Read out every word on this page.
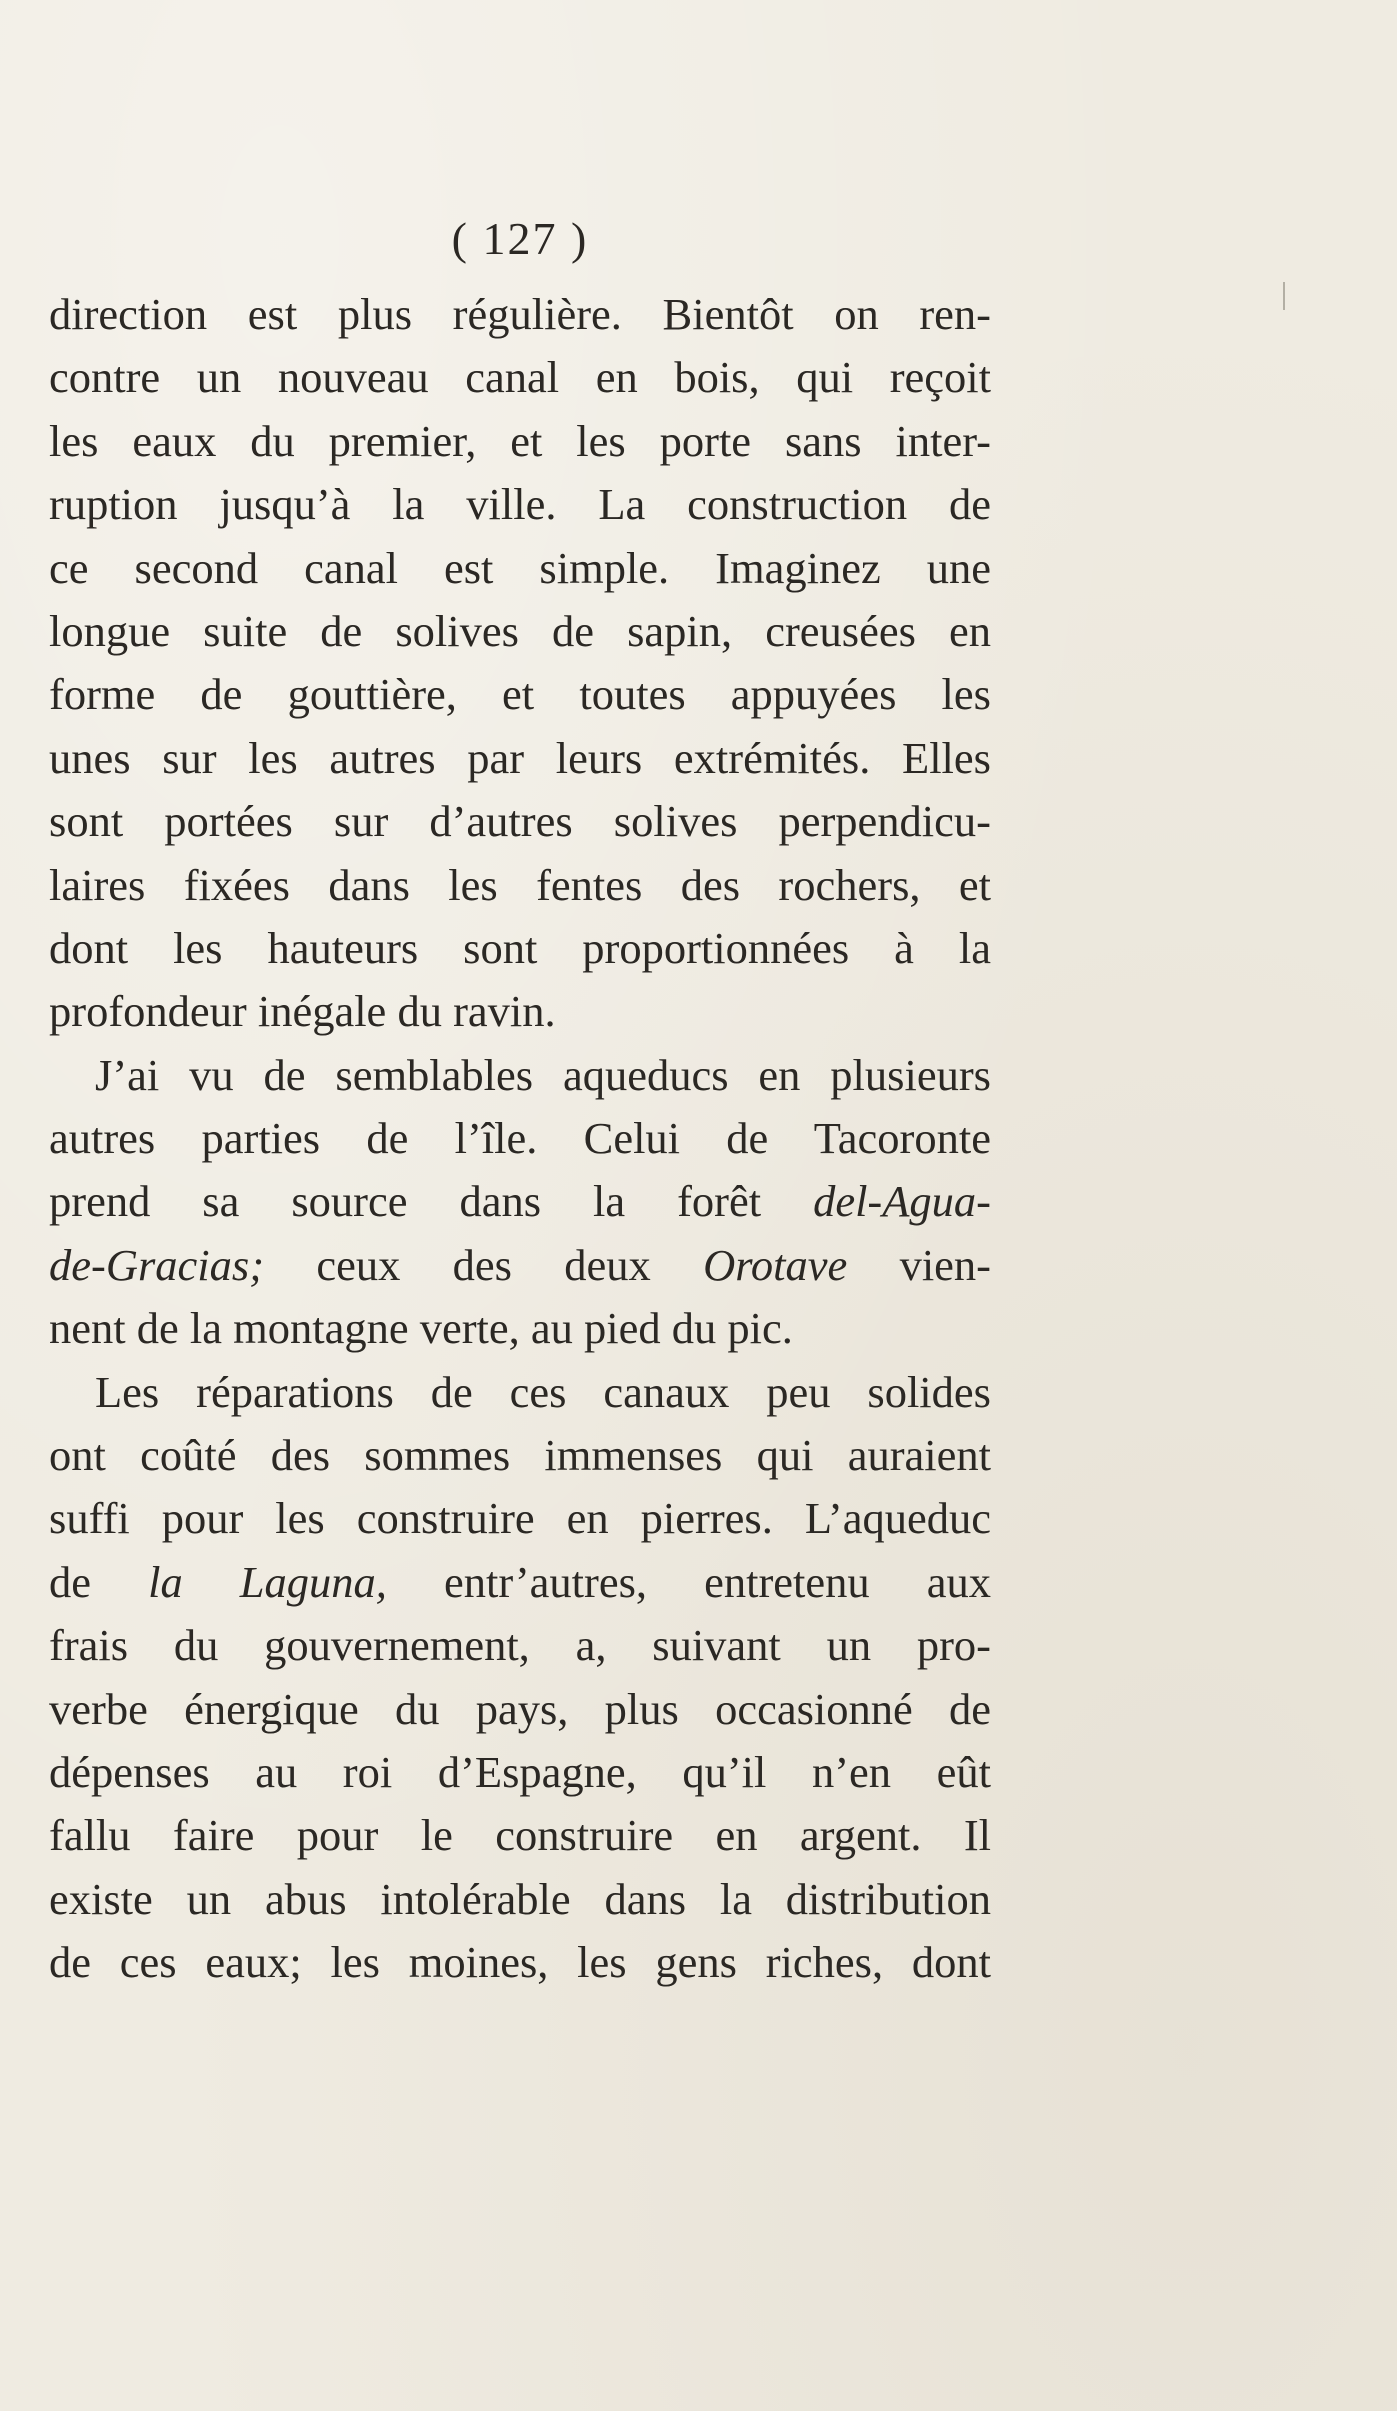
( 127 )
direction est plus régulière. Bientôt on ren-
contre un nouveau canal en bois, qui reçoit
les eaux du premier, et les porte sans inter-
ruption jusqu’à la ville. La construction de
ce second canal est simple. Imaginez une
longue suite de solives de sapin, creusées en
forme de gouttière, et toutes appuyées les
unes sur les autres par leurs extrémités. Elles
sont portées sur d’autres solives perpendicu-
laires fixées dans les fentes des rochers, et
dont les hauteurs sont proportionnées à la
profondeur inégale du ravin.
J’ai vu de semblables aqueducs en plusieurs
autres parties de l’île. Celui de Tacoronte
prend sa source dans la forêt del-Agua-
de-Gracias; ceux des deux Orotave vien-
nent de la montagne verte, au pied du pic.
Les réparations de ces canaux peu solides
ont coûté des sommes immenses qui auraient
suffi pour les construire en pierres. L’aqueduc
de la Laguna, entr’autres, entretenu aux
frais du gouvernement, a, suivant un pro-
verbe énergique du pays, plus occasionné de
dépenses au roi d’Espagne, qu’il n’en eût
fallu faire pour le construire en argent. Il
existe un abus intolérable dans la distribution
de ces eaux; les moines, les gens riches, dont
